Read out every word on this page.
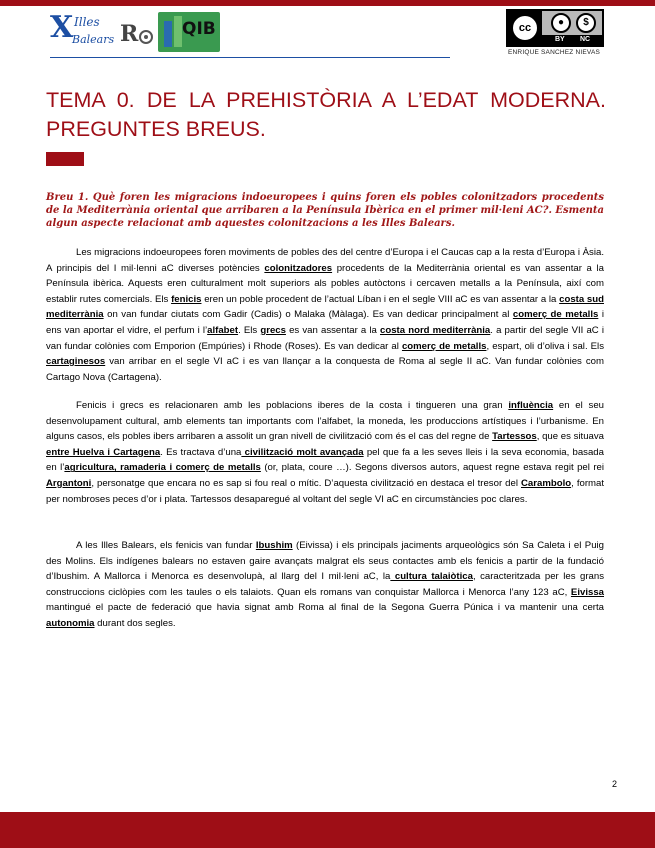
X Illes
Balears R	QIB	cc	●	$
BY NC
ENRIQUE SANCHEZ NIEVAS
TEMA 0. DE LA PREHISTÒRIA A L’EDAT MODERNA. PREGUNTES BREUS.

Breu 1. Què foren les migracions indoeuropees i quins foren els pobles colonitzadors procedents de la Mediterrània oriental que arribaren a la Península Ibèrica en el primer mil·leni AC?. Esmenta algun aspecte relacionat amb aquestes colonitzacions a les Illes Balears.

Les migracions indoeuropees foren moviments de pobles des del centre d’Europa i el Caucas cap a la resta d’Europa i Àsia. A principis del I mil·lenni aC diverses potències colonitzadores procedents de la Mediterrània oriental es van assentar a la Península ibèrica. Aquests eren culturalment molt superiors als pobles autòctons i cercaven metalls a la Península, així com establir rutes comercials. Els fenicis eren un poble procedent de l’actual Líban i en el segle VIII aC es van assentar a la costa sud mediterrània on van fundar ciutats com Gadir (Cadis) o Malaka (Màlaga). Es van dedicar principalment al comerç de metalls i ens van aportar el vidre, el perfum i l’alfabet. Els grecs es van assentar a la costa nord mediterrània. a partir del segle VII aC i van fundar colònies com Emporion (Empúries) i Rhode (Roses). Es van dedicar al comerç de metalls, espart, oli d’oliva i sal. Els cartaginesos van arribar en el segle VI aC i es van llançar a la conquesta de Roma al segle II aC. Van fundar colònies com Cartago Nova (Cartagena).

Fenicis i grecs es relacionaren amb les poblacions iberes de la costa i tingueren una gran influència en el seu desenvolupament cultural, amb elements tan importants com l’alfabet, la moneda, les produccions artístiques i l’urbanisme. En alguns casos, els pobles ibers arribaren a assolit un gran nivell de civilització com és el cas del regne de Tartessos, que es situava entre Huelva i Cartagena. Es tractava d’una civilització molt avançada pel que fa a les seves lleis i la seva economia, basada en l’agricultura, ramaderia i comerç de metalls (or, plata, coure …). Segons diversos autors, aquest regne estava regit pel rei Argantoni, personatge que encara no es sap si fou real o mític. D’aquesta civilització en destaca el tresor del Carambolo, format per nombroses peces d’or i plata. Tartessos desaparegué al voltant del segle VI aC en circumstàncies poc clares.

A les Illes Balears, els fenicis van fundar Ibushim (Eivissa) i els principals jaciments arqueològics són Sa Caleta i el Puig des Molins. Els indígenes balears no estaven gaire avançats malgrat els seus contactes amb els fenicis a partir de la fundació d’Ibushim. A Mallorca i Menorca es desenvolupà, al llarg del I mil·leni aC, la cultura talaiòtica, caracteritzada per les grans construccions ciclòpies com les taules o els talaiots. Quan els romans van conquistar Mallorca i Menorca l’any 123 aC, Eivissa mantingué el pacte de federació que havia signat amb Roma al final de la Segona Guerra Púnica i va mantenir una certa autonomia durant dos segles.

2
